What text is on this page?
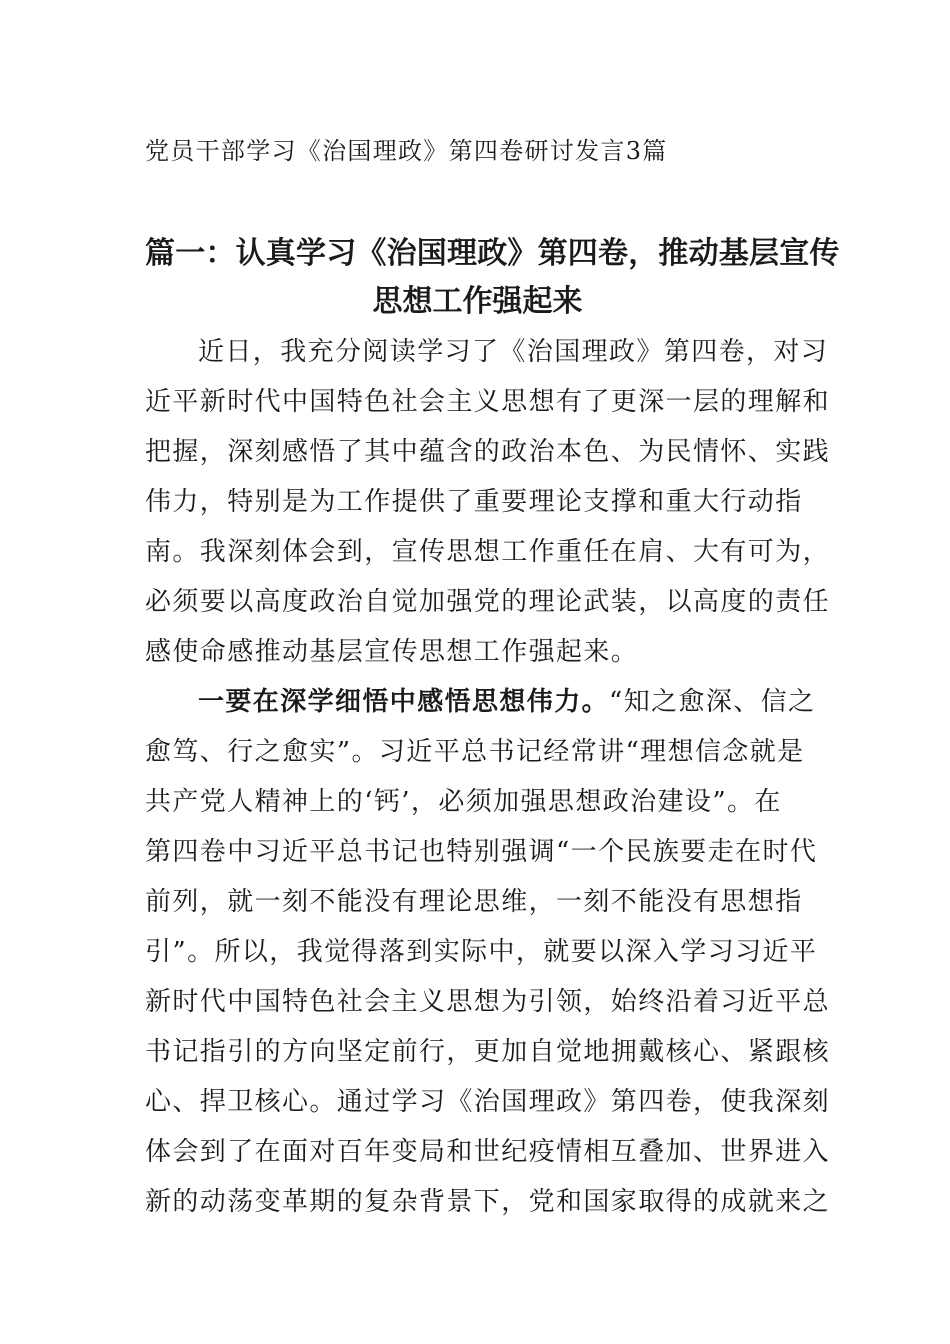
党员干部学习《治国理政》第四卷研讨发言3篇
篇一：认真学习《治国理政》第四卷，推动基层宣传
思想工作强起来
近日，我充分阅读学习了《治国理政》第四卷，对习
近平新时代中国特色社会主义思想有了更深一层的理解和
把握，深刻感悟了其中蕴含的政治本色、为民情怀、实践
伟力，特别是为工作提供了重要理论支撑和重大行动指
南。我深刻体会到，宣传思想工作重任在肩、大有可为，
必须要以高度政治自觉加强党的理论武装，以高度的责任
感使命感推动基层宣传思想工作强起来。
一要在深学细悟中感悟思想伟力。“知之愈深、信之
愈笃、行之愈实”。习近平总书记经常讲“理想信念就是
共产党人精神上的‘钙’，必须加强思想政治建设”。在
第四卷中习近平总书记也特别强调“一个民族要走在时代
前列，就一刻不能没有理论思维，一刻不能没有思想指
引”。所以，我觉得落到实际中，就要以深入学习习近平
新时代中国特色社会主义思想为引领，始终沿着习近平总
书记指引的方向坚定前行，更加自觉地拥戴核心、紧跟核
心、捍卫核心。通过学习《治国理政》第四卷，使我深刻
体会到了在面对百年变局和世纪疫情相互叠加、世界进入
新的动荡变革期的复杂背景下，党和国家取得的成就来之
